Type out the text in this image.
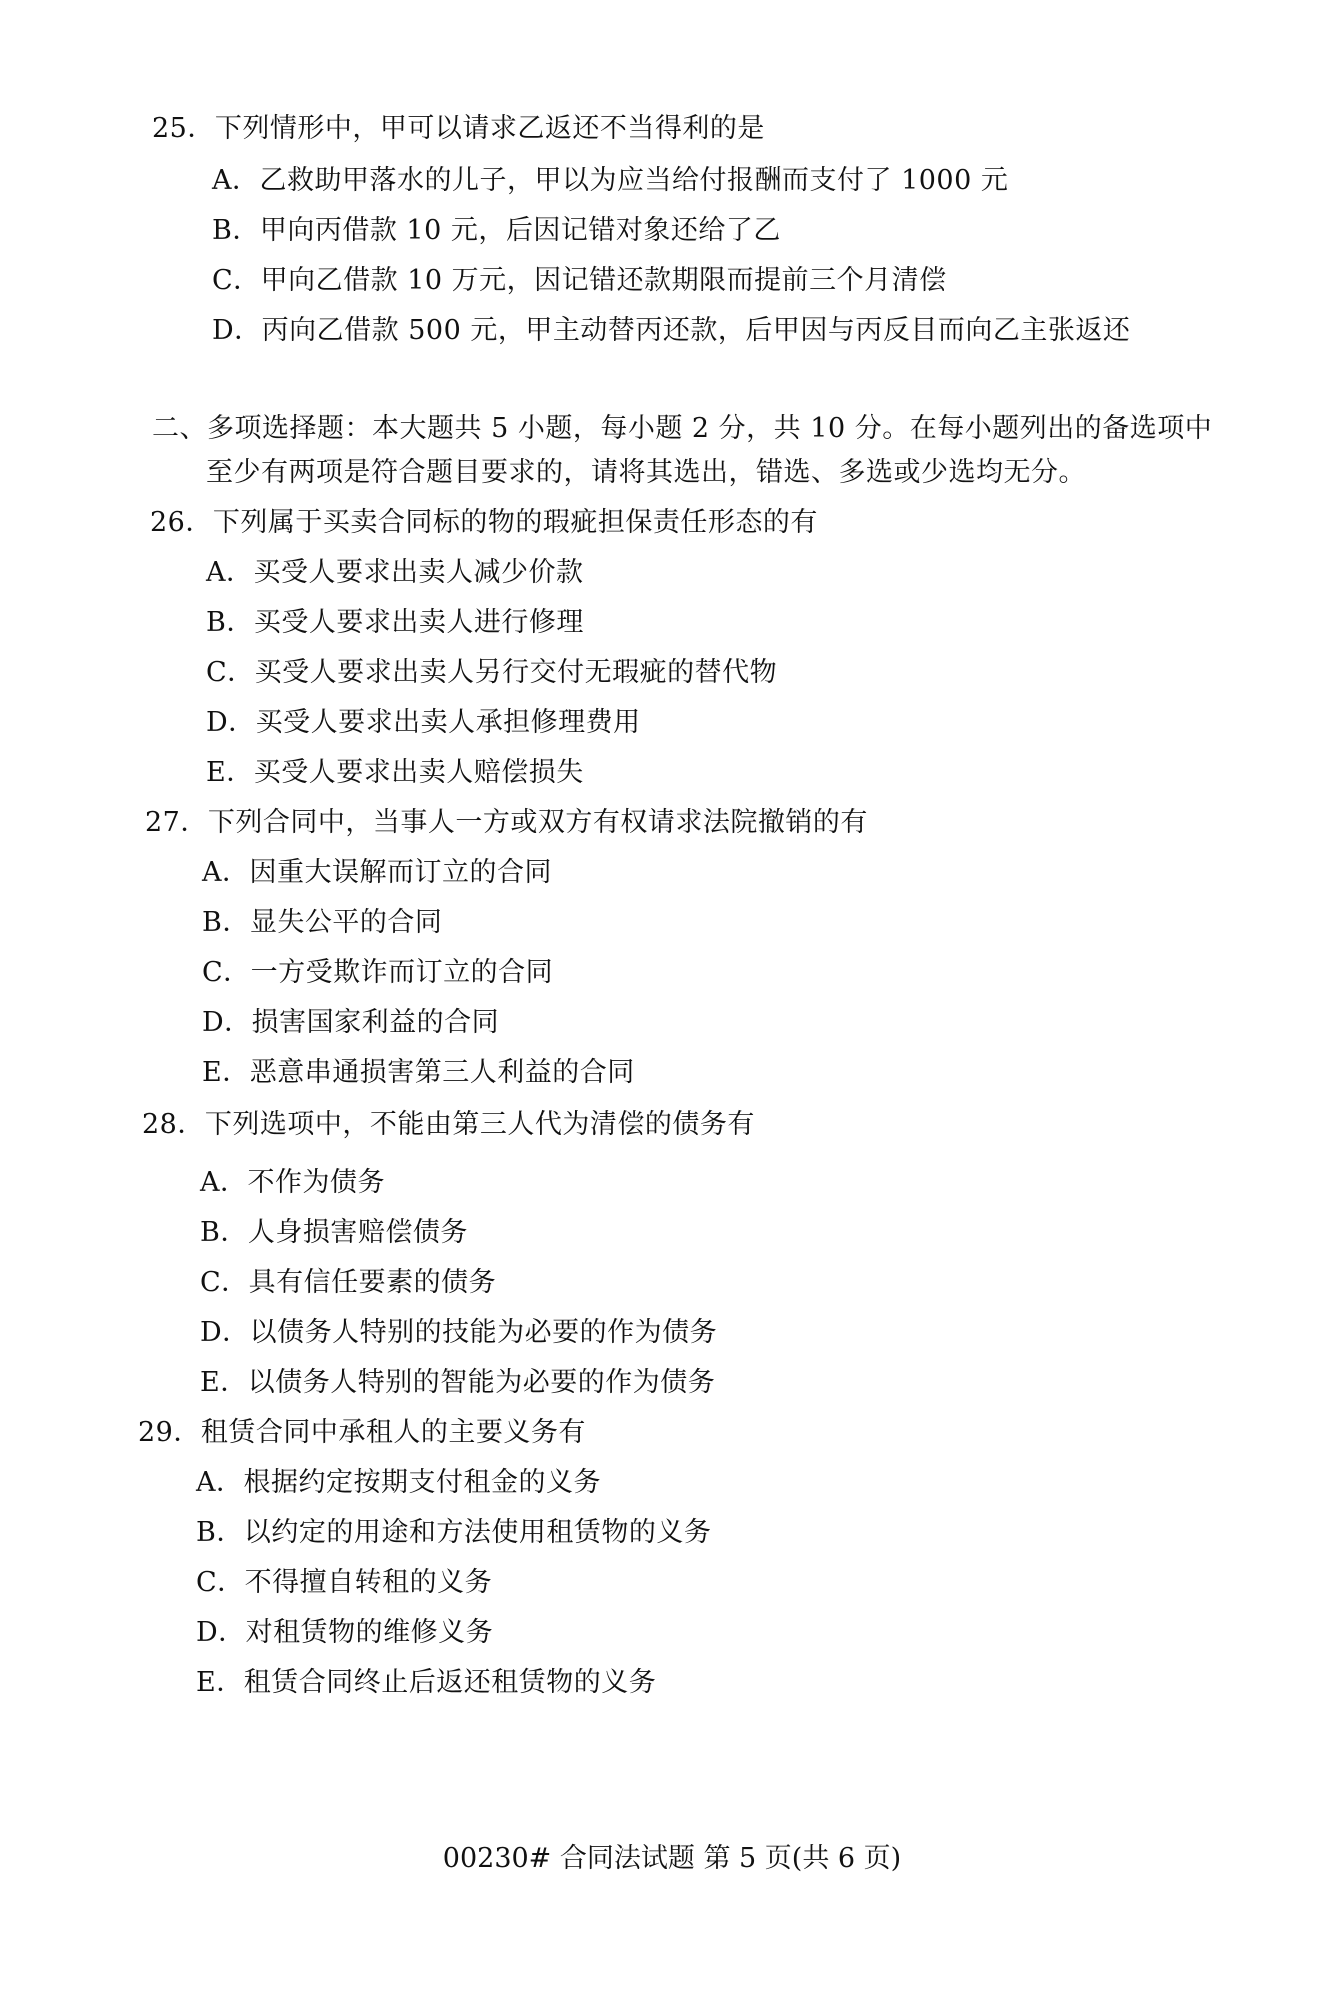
25．下列情形中，甲可以请求乙返还不当得利的是
A．乙救助甲落水的儿子，甲以为应当给付报酬而支付了 1000 元
B．甲向丙借款 10 元，后因记错对象还给了乙
C．甲向乙借款 10 万元，因记错还款期限而提前三个月清偿
D．丙向乙借款 500 元，甲主动替丙还款，后甲因与丙反目而向乙主张返还
二、多项选择题：本大题共 5 小题，每小题 2 分，共 10 分。在每小题列出的备选项中
至少有两项是符合题目要求的，请将其选出，错选、多选或少选均无分。
26．下列属于买卖合同标的物的瑕疵担保责任形态的有
A．买受人要求出卖人减少价款
B．买受人要求出卖人进行修理
C．买受人要求出卖人另行交付无瑕疵的替代物
D．买受人要求出卖人承担修理费用
E．买受人要求出卖人赔偿损失
27．下列合同中，当事人一方或双方有权请求法院撤销的有
A．因重大误解而订立的合同
B．显失公平的合同
C．一方受欺诈而订立的合同
D．损害国家利益的合同
E．恶意串通损害第三人利益的合同
28．下列选项中，不能由第三人代为清偿的债务有
A．不作为债务
B．人身损害赔偿债务
C．具有信任要素的债务
D．以债务人特别的技能为必要的作为债务
E．以债务人特别的智能为必要的作为债务
29．租赁合同中承租人的主要义务有
A．根据约定按期支付租金的义务
B．以约定的用途和方法使用租赁物的义务
C．不得擅自转租的义务
D．对租赁物的维修义务
E．租赁合同终止后返还租赁物的义务
00230# 合同法试题 第 5 页(共 6 页)
